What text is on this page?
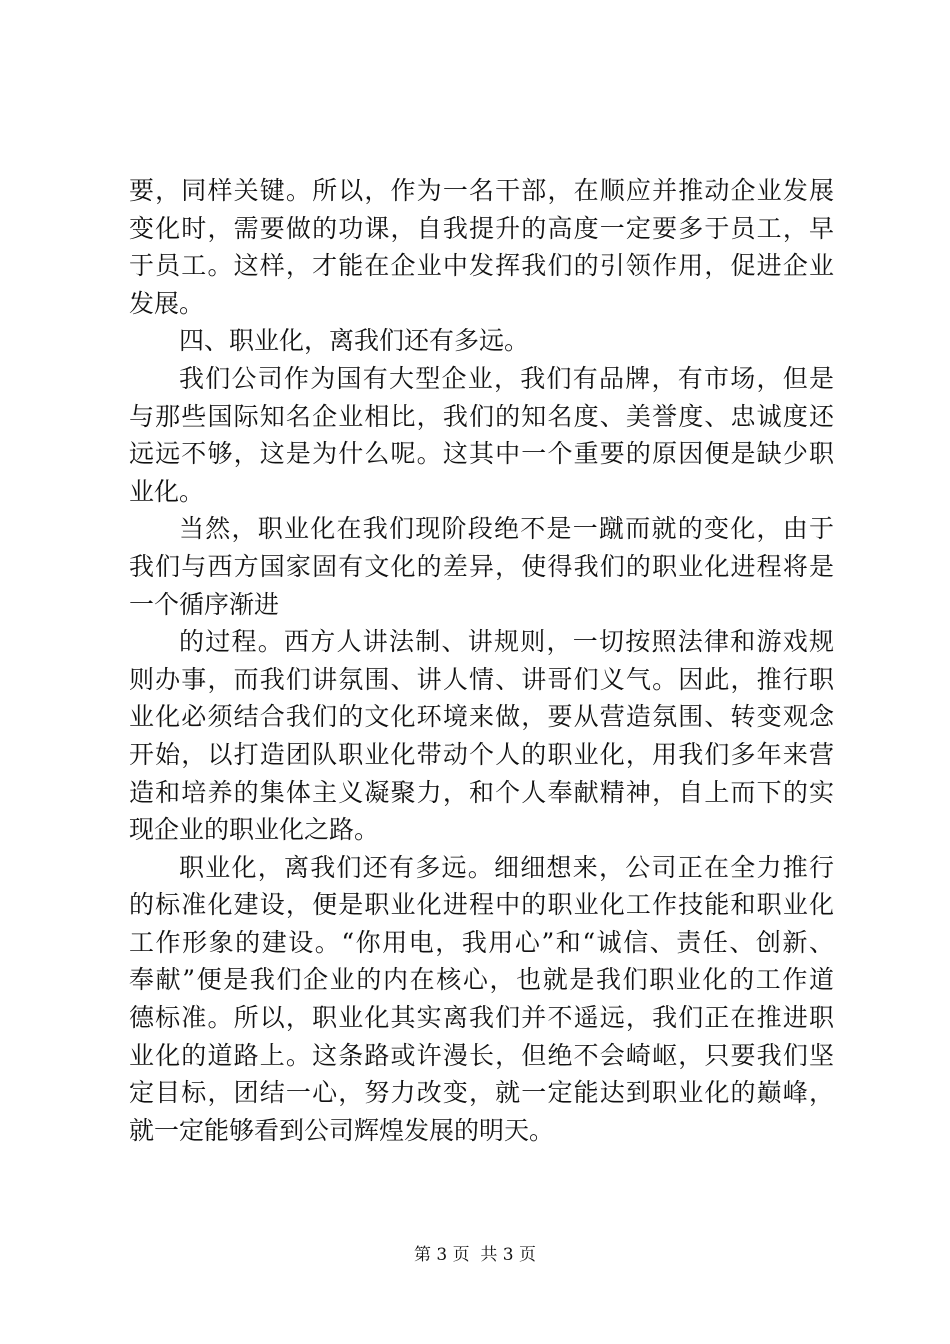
要，同样关键。所以，作为一名干部，在顺应并推动企业发展
变化时，需要做的功课，自我提升的高度一定要多于员工，早
于员工。这样，才能在企业中发挥我们的引领作用，促进企业
发展。
四、职业化，离我们还有多远。
我们公司作为国有大型企业，我们有品牌，有市场，但是
与那些国际知名企业相比，我们的知名度、美誉度、忠诚度还
远远不够，这是为什么呢。这其中一个重要的原因便是缺少职
业化。
当然，职业化在我们现阶段绝不是一蹴而就的变化，由于
我们与西方国家固有文化的差异，使得我们的职业化进程将是
一个循序渐进
的过程。西方人讲法制、讲规则，一切按照法律和游戏规
则办事，而我们讲氛围、讲人情、讲哥们义气。因此，推行职
业化必须结合我们的文化环境来做，要从营造氛围、转变观念
开始，以打造团队职业化带动个人的职业化，用我们多年来营
造和培养的集体主义凝聚力，和个人奉献精神，自上而下的实
现企业的职业化之路。
职业化，离我们还有多远。细细想来，公司正在全力推行
的标准化建设，便是职业化进程中的职业化工作技能和职业化
工作形象的建设。“你用电，我用心”和“诚信、责任、创新、
奉献”便是我们企业的内在核心，也就是我们职业化的工作道
德标准。所以，职业化其实离我们并不遥远，我们正在推进职
业化的道路上。这条路或许漫长，但绝不会崎岖，只要我们坚
定目标，团结一心，努力改变，就一定能达到职业化的巅峰，
就一定能够看到公司辉煌发展的明天。
第 3 页  共 3 页
